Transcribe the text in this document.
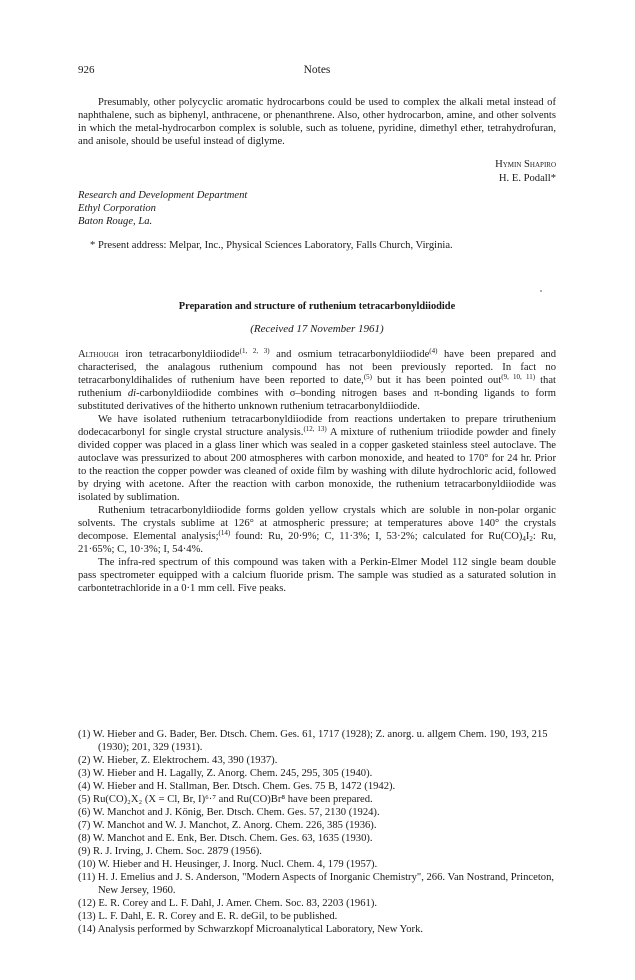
926	Notes

Presumably, other polycyclic aromatic hydrocarbons could be used to complex the alkali metal instead of naphthalene, such as biphenyl, anthracene, or phenanthrene. Also, other hydrocarbon, amine, and other solvents in which the metal-hydrocarbon complex is soluble, such as toluene, pyridine, dimethyl ether, tetrahydrofuran, and anisole, should be useful instead of diglyme.

Hymin Shapiro
H. E. Podall*
Research and Development Department
Ethyl Corporation
Baton Rouge, La.
* Present address: Melpar, Inc., Physical Sciences Laboratory, Falls Church, Virginia.
Preparation and structure of ruthenium tetracarbonyldiiodide
(Received 17 November 1961)

Although iron tetracarbonyldiiodide$^{(1, 2, 3)}$ and osmium tetracarbonyldiiodide$^{(4)}$ have been prepared and characterised, the analagous ruthenium compound has not been previously reported. In fact no tetracarbonyldihalides of ruthenium have been reported to date,$^{(5)}$ but it has been pointed out$^{(9, 10, 11)}$ that ruthenium di-carbonyldiiodide combines with σ–bonding nitrogen bases and π-bonding ligands to form substituted derivatives of the hitherto unknown ruthenium tetracarbonyldiiodide.

We have isolated ruthenium tetracarbonyldiiodide from reactions undertaken to prepare triruthenium dodecacarbonyl for single crystal structure analysis.$^{(12, 13)}$ A mixture of ruthenium triiodide powder and finely divided copper was placed in a glass liner which was sealed in a copper gasketed stainless steel autoclave. The autoclave was pressurized to about 200 atmospheres with carbon monoxide, and heated to 170° for 24 hr. Prior to the reaction the copper powder was cleaned of oxide film by washing with dilute hydrochloric acid, followed by drying with acetone. After the reaction with carbon monoxide, the ruthenium tetracarbonyldiiodide was isolated by sublimation.

Ruthenium tetracarbonyldiiodide forms golden yellow crystals which are soluble in non-polar organic solvents. The crystals sublime at 126° at atmospheric pressure; at temperatures above 140° the crystals decompose. Elemental analysis;$^{(14)}$ found: Ru, 20·9%; C, 11·3%; I, 53·2%; calculated for $Ru(CO)_4I_2$: Ru, 21·65%; C, 10·3%; I, 54·4%.

The infra-red spectrum of this compound was taken with a Perkin-Elmer Model 112 single beam double pass spectrometer equipped with a calcium fluoride prism. The sample was studied as a saturated solution in carbontetrachloride in a 0·1 mm cell. Five peaks.

(1) W. Hieber and G. Bader, Ber. Dtsch. Chem. Ges. 61, 1717 (1928); Z. anorg. u. allgem Chem. 190, 193, 215 (1930); 201, 329 (1931).
(2) W. Hieber, Z. Elektrochem. 43, 390 (1937).
(3) W. Hieber and H. Lagally, Z. Anorg. Chem. 245, 295, 305 (1940).
(4) W. Hieber and H. Stallman, Ber. Dtsch. Chem. Ges. 75 B, 1472 (1942).
(5) Ru(CO)₂X₂ (X = Cl, Br, I)⁶·⁷ and Ru(CO)Br⁸ have been prepared.
(6) W. Manchot and J. König, Ber. Dtsch. Chem. Ges. 57, 2130 (1924).
(7) W. Manchot and W. J. Manchot, Z. Anorg. Chem. 226, 385 (1936).
(8) W. Manchot and E. Enk, Ber. Dtsch. Chem. Ges. 63, 1635 (1930).
(9) R. J. Irving, J. Chem. Soc. 2879 (1956).
(10) W. Hieber and H. Heusinger, J. Inorg. Nucl. Chem. 4, 179 (1957).
(11) H. J. Emelius and J. S. Anderson, "Modern Aspects of Inorganic Chemistry", 266. Van Nostrand, Princeton, New Jersey, 1960.
(12) E. R. Corey and L. F. Dahl, J. Amer. Chem. Soc. 83, 2203 (1961).
(13) L. F. Dahl, E. R. Corey and E. R. deGil, to be published.
(14) Analysis performed by Schwarzkopf Microanalytical Laboratory, New York.
